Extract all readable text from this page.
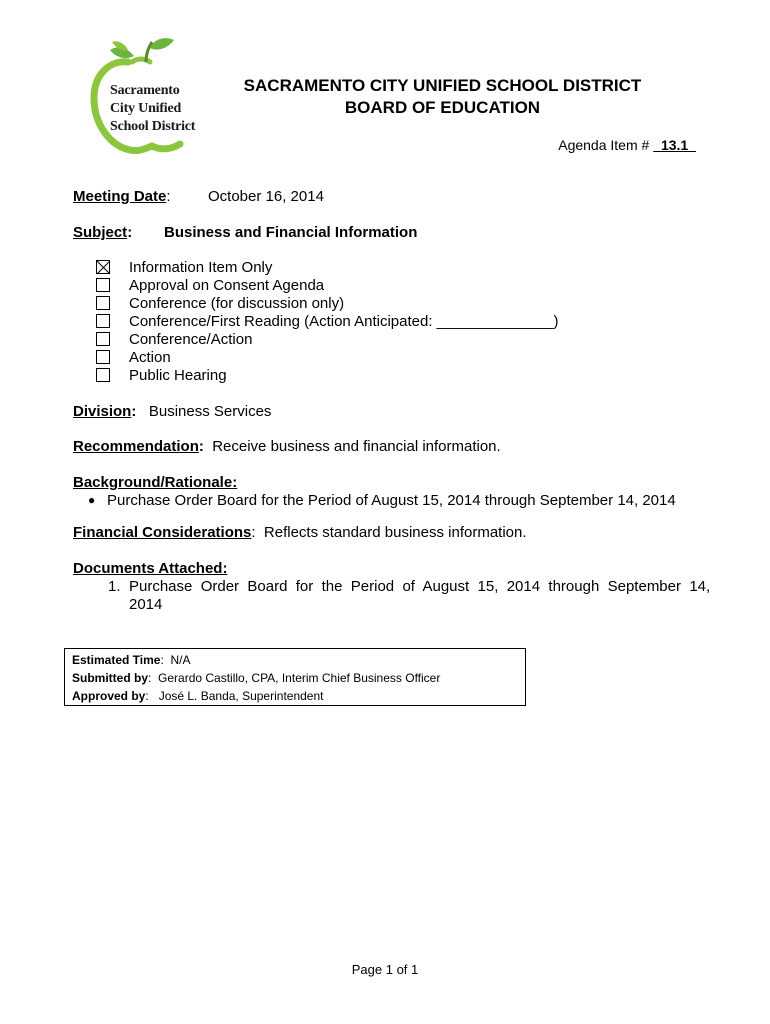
Sacramento
City Unified
School District
SACRAMENTO CITY UNIFIED SCHOOL DISTRICT
BOARD OF EDUCATION
Agenda Item # 13.1
Meeting Date: October 16, 2014
Subject: Business and Financial Information
Information Item Only
Approval on Consent Agenda
Conference (for discussion only)
Conference/First Reading (Action Anticipated: ______________)
Conference/Action
Action
Public Hearing
Division: Business Services
Recommendation: Receive business and financial information.
Background/Rationale:
● Purchase Order Board for the Period of August 15, 2014 through September 14, 2014
Financial Considerations: Reflects standard business information.
Documents Attached:
1. Purchase  Order  Board  for  the  Period  of  August  15,  2014  through  September  14,
2014
Estimated Time:  N/A
Submitted by:  Gerardo Castillo, CPA, Interim Chief Business Officer
Approved by:   José L. Banda, Superintendent
Page 1 of 1
